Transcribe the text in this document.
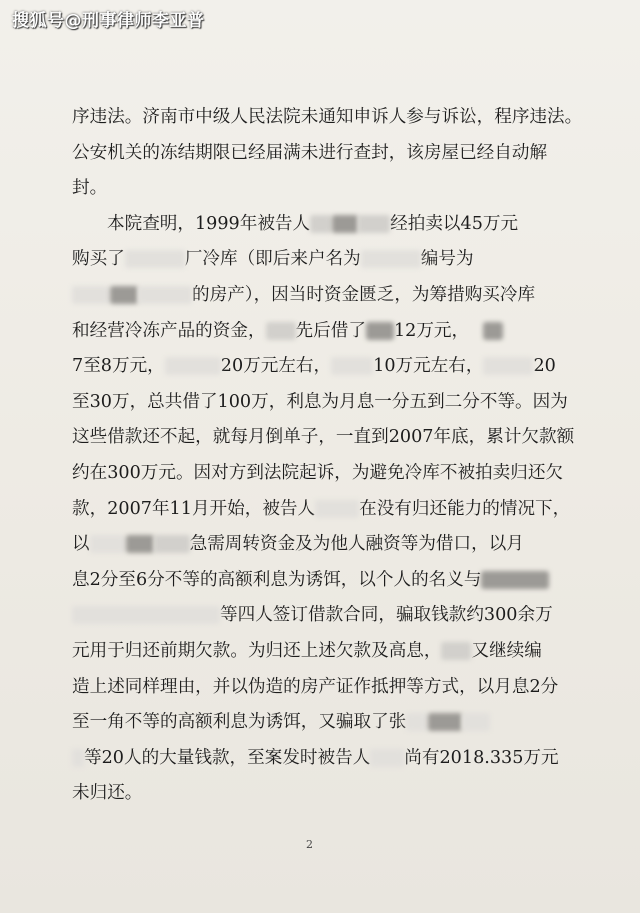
搜狐号@刑事律师李亚普
序违法。济南市中级人民法院未通知申诉人参与诉讼，程序违法。
公安机关的冻结期限已经届满未进行查封，该房屋已经自动解
封。
本院查明，1999年被告人	经拍卖以45万元
购买了	厂冷库（即后来户名为	编号为
的房产），因当时资金匮乏，为筹措购买冷库
和经营冷冻产品的资金， 先后借了 12万元，
7至8万元，	20万元左右， 10万元左右，	20
至30万，总共借了100万，利息为月息一分五到二分不等。因为
这些借款还不起，就每月倒单子，一直到2007年底，累计欠款额
约在300万元。因对方到法院起诉，为避免冷库不被拍卖归还欠
款，2007年11月开始，被告人	在没有归还能力的情况下，
以	急需周转资金及为他人融资等为借口，以月
息2分至6分不等的高额利息为诱饵，以个人的名义与
等四人签订借款合同，骗取钱款约300余万
元用于归还前期欠款。为归还上述欠款及高息， 又继续编
造上述同样理由，并以伪造的房产证作抵押等方式，以月息2分
至一角不等的高额利息为诱饵，又骗取了张
等20人的大量钱款，至案发时被告人 尚有2018.335万元
未归还。
2
